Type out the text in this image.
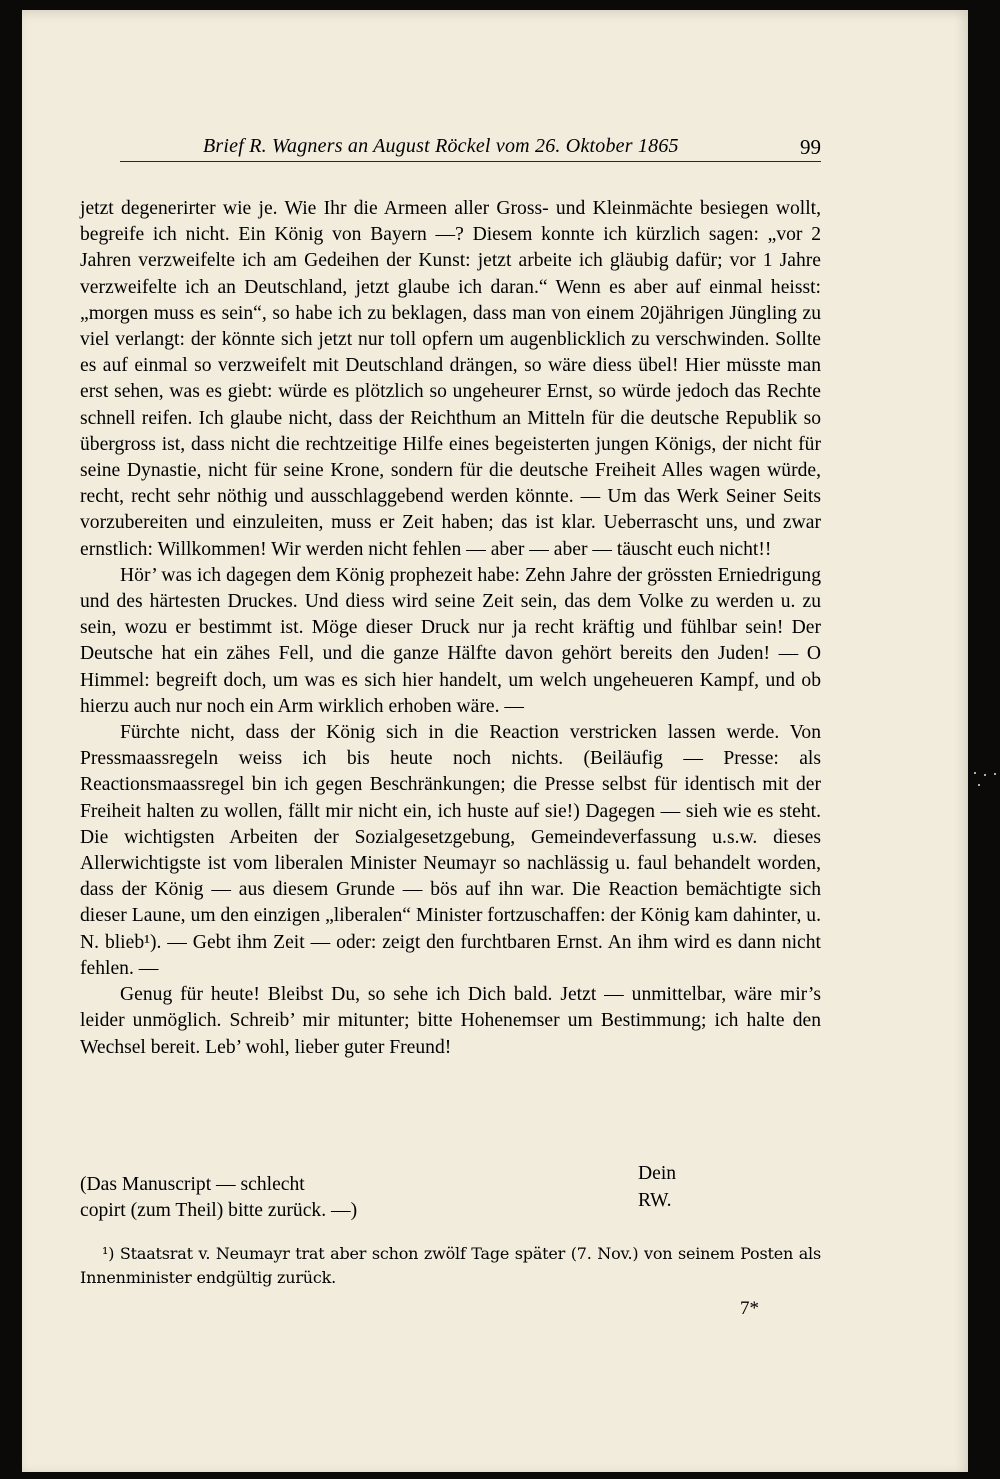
Brief R. Wagners an August Röckel vom 26. Oktober 1865	99

jetzt degenerirter wie je. Wie Ihr die Armeen aller Gross- und Kleinmächte besiegen wollt, begreife ich nicht. Ein König von Bayern —? Diesem konnte ich kürzlich sagen: „vor 2 Jahren verzweifelte ich am Gedeihen der Kunst: jetzt arbeite ich gläubig dafür; vor 1 Jahre verzweifelte ich an Deutschland, jetzt glaube ich daran.“ Wenn es aber auf einmal heisst: „morgen muss es sein“, so habe ich zu beklagen, dass man von einem 20jährigen Jüngling zu viel verlangt: der könnte sich jetzt nur toll opfern um augenblicklich zu verschwinden. Sollte es auf einmal so verzweifelt mit Deutschland drängen, so wäre diess übel! Hier müsste man erst sehen, was es giebt: würde es plötzlich so ungeheurer Ernst, so würde jedoch das Rechte schnell reifen. Ich glaube nicht, dass der Reichthum an Mitteln für die deutsche Republik so übergross ist, dass nicht die rechtzeitige Hilfe eines begeisterten jungen Königs, der nicht für seine Dynastie, nicht für seine Krone, sondern für die deutsche Freiheit Alles wagen würde, recht, recht sehr nöthig und ausschlaggebend werden könnte. — Um das Werk Seiner Seits vorzubereiten und einzuleiten, muss er Zeit haben; das ist klar. Ueberrascht uns, und zwar ernstlich: Willkommen! Wir werden nicht fehlen — aber — aber — täuscht euch nicht!!

Hör’ was ich dagegen dem König prophezeit habe: Zehn Jahre der grössten Erniedrigung und des härtesten Druckes. Und diess wird seine Zeit sein, das dem Volke zu werden u. zu sein, wozu er bestimmt ist. Möge dieser Druck nur ja recht kräftig und fühlbar sein! Der Deutsche hat ein zähes Fell, und die ganze Hälfte davon gehört bereits den Juden! — O Himmel: begreift doch, um was es sich hier handelt, um welch ungeheueren Kampf, und ob hierzu auch nur noch ein Arm wirklich erhoben wäre. —

Fürchte nicht, dass der König sich in die Reaction verstricken lassen werde. Von Pressmaassregeln weiss ich bis heute noch nichts. (Beiläufig — Presse: als Reactionsmaassregel bin ich gegen Beschränkungen; die Presse selbst für identisch mit der Freiheit halten zu wollen, fällt mir nicht ein, ich huste auf sie!) Dagegen — sieh wie es steht. Die wichtigsten Arbeiten der Sozialgesetzgebung, Gemeindeverfassung u.s.w. dieses Allerwichtigste ist vom liberalen Minister Neumayr so nachlässig u. faul behandelt worden, dass der König — aus diesem Grunde — bös auf ihn war. Die Reaction bemächtigte sich dieser Laune, um den einzigen „liberalen“ Minister fortzuschaffen: der König kam dahinter, u. N. blieb¹). — Gebt ihm Zeit — oder: zeigt den furchtbaren Ernst. An ihm wird es dann nicht fehlen. —

Genug für heute! Bleibst Du, so sehe ich Dich bald. Jetzt — unmittelbar, wäre mir’s leider unmöglich. Schreib’ mir mitunter; bitte Hohenemser um Bestimmung; ich halte den Wechsel bereit. Leb’ wohl, lieber guter Freund!

(Das Manuscript — schlecht
copirt (zum Theil) bitte zurück. —)
Dein
RW.

¹) Staatsrat v. Neumayr trat aber schon zwölf Tage später (7. Nov.) von seinem Posten als Innenminister endgültig zurück.

7*
